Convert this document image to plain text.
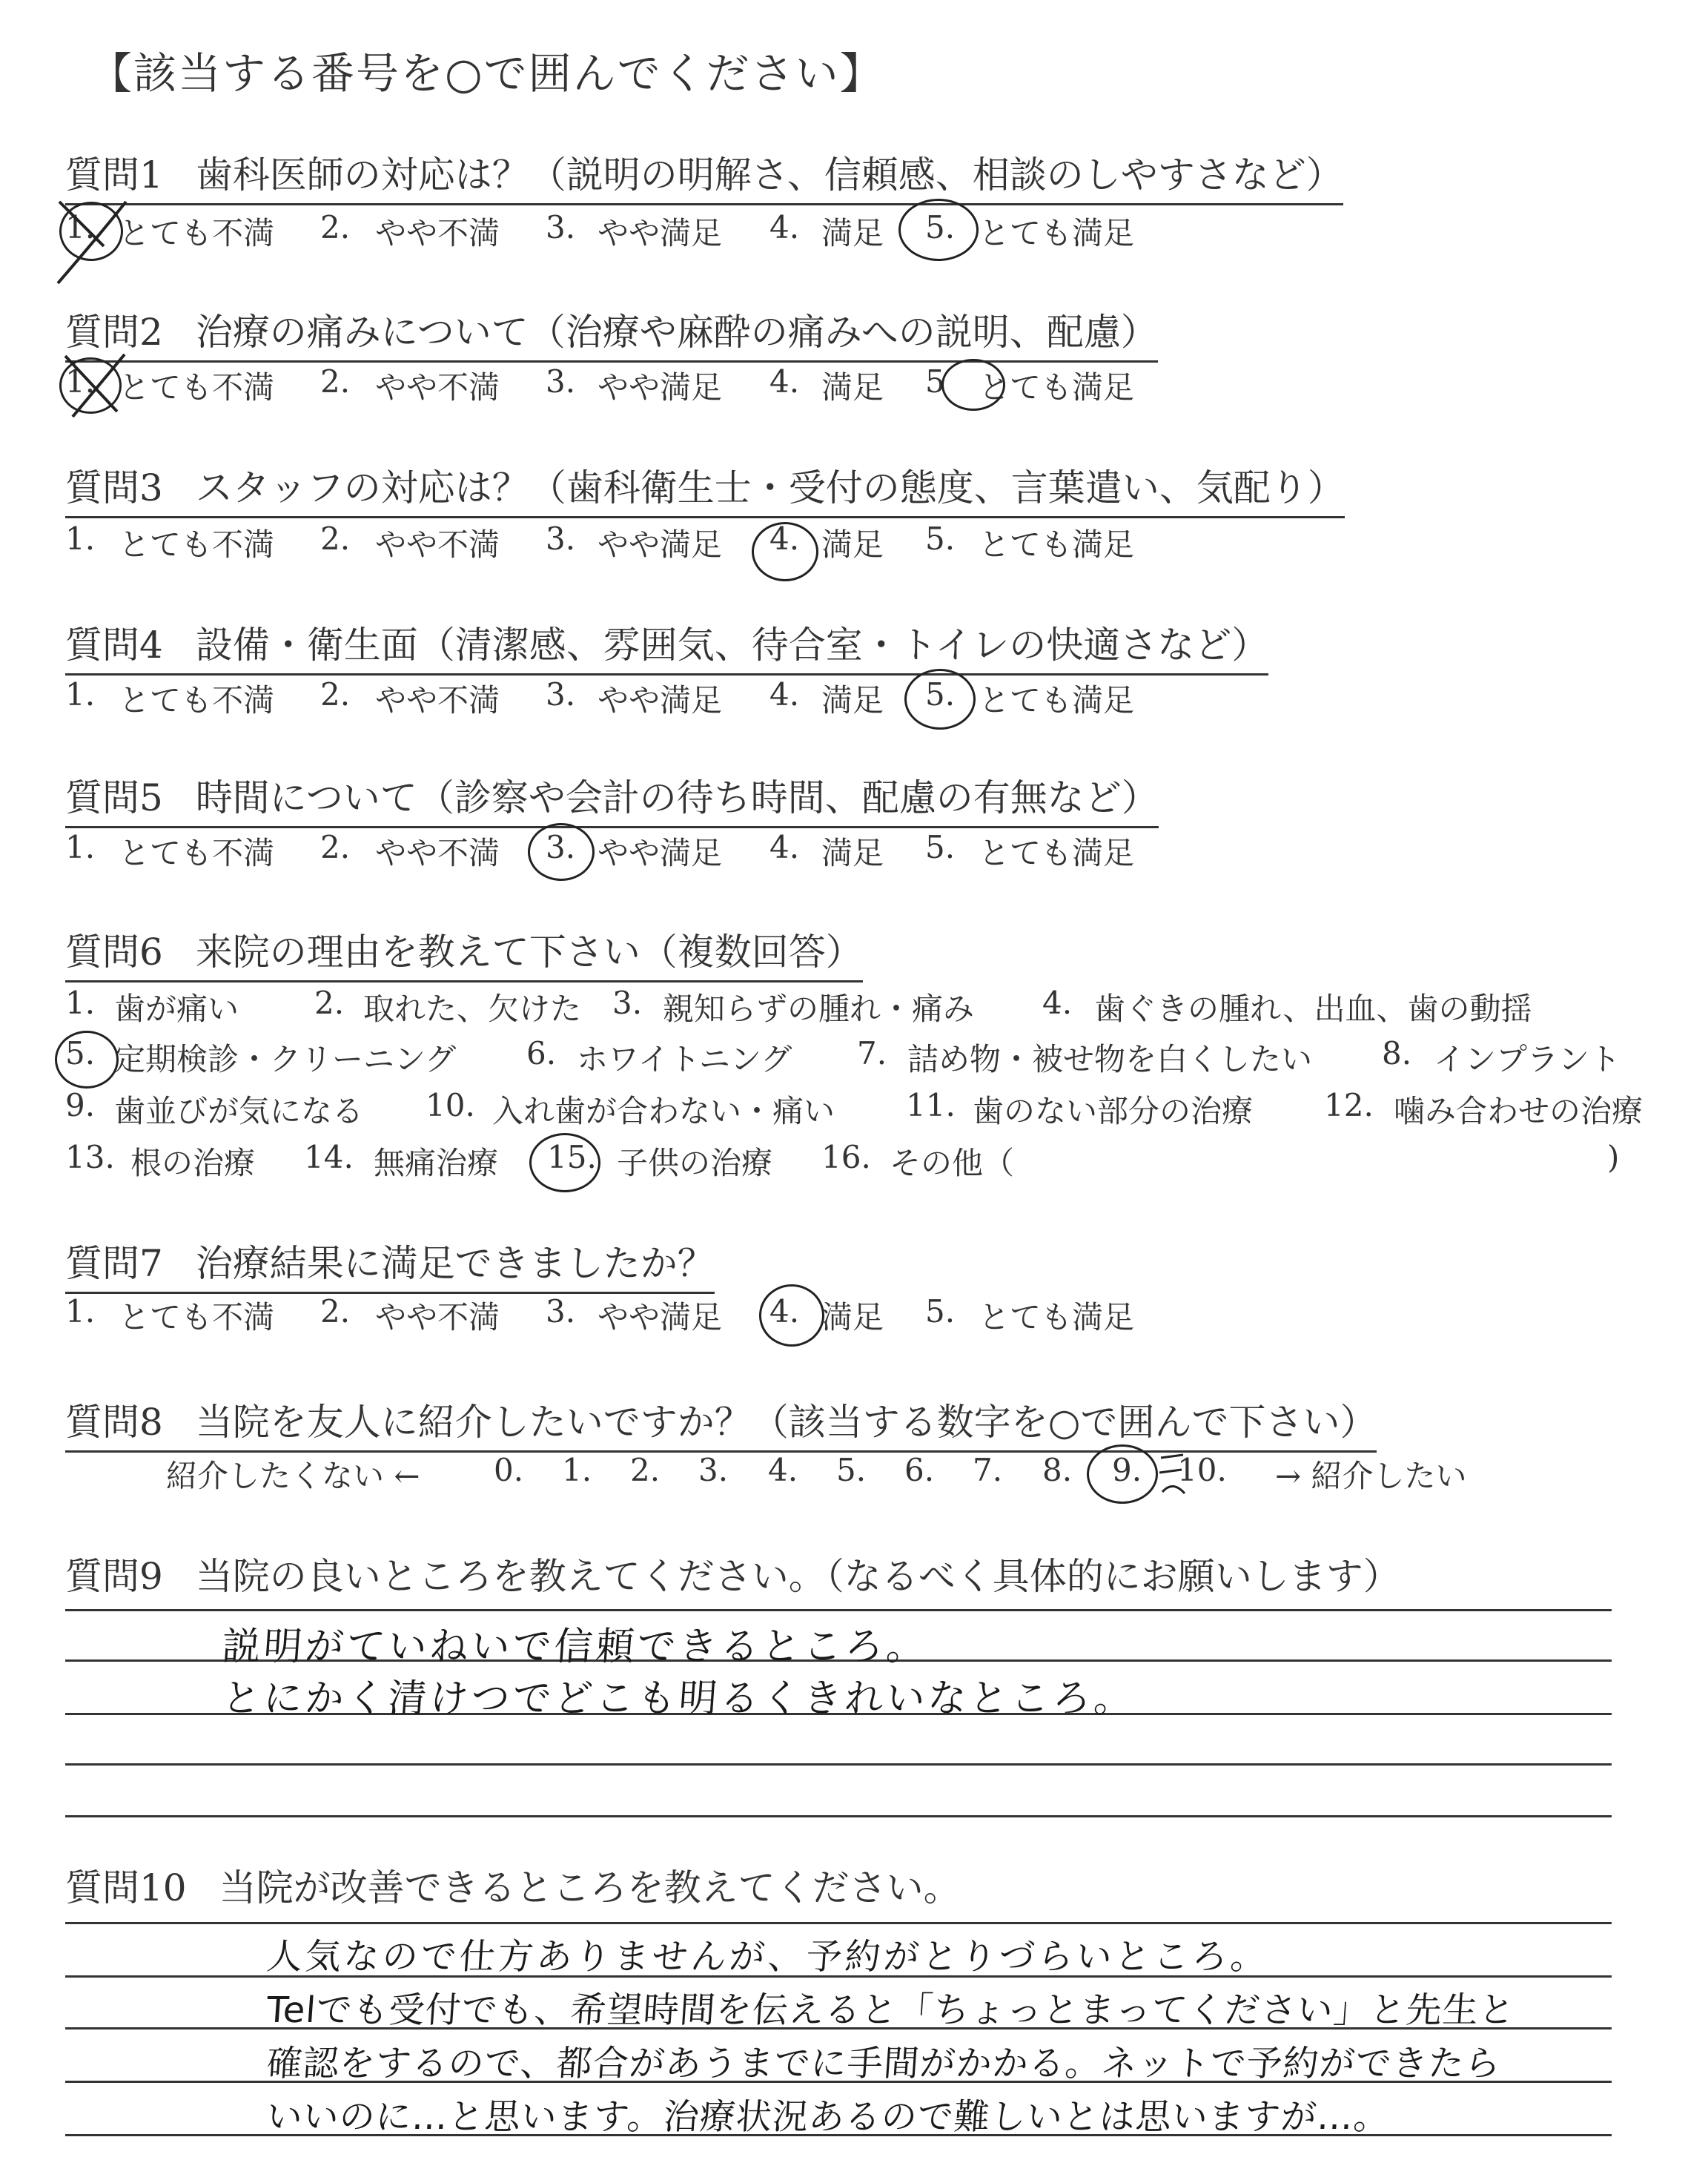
【該当する番号を○で囲んでください】
質問1 歯科医師の対応は？（説明の明解さ、信頼感、相談のしやすさなど）
1. とても不満 2. やや不満 3. やや満足 4. 満足 5. とても満足
質問2 治療の痛みについて（治療や麻酔の痛みへの説明、配慮）
1. とても不満 2. やや不満 3. やや満足 4. 満足 5 とても満足
質問3 スタッフの対応は？（歯科衛生士・受付の態度、言葉遣い、気配り）
1. とても不満 2. やや不満 3. やや満足 4. 満足 5. とても満足
質問4 設備・衛生面（清潔感、雰囲気、待合室・トイレの快適さなど）
1. とても不満 2. やや不満 3. やや満足 4. 満足 5. とても満足
質問5 時間について（診察や会計の待ち時間、配慮の有無など）
1. とても不満 2. やや不満 3. やや満足 4. 満足 5. とても満足
質問6 来院の理由を教えて下さい（複数回答）
1. 歯が痛い 2. 取れた、欠けた 3. 親知らずの腫れ・痛み 4. 歯ぐきの腫れ、出血、歯の動揺
5. 定期検診・クリーニング 6. ホワイトニング 7. 詰め物・被せ物を白くしたい 8. インプラント
9. 歯並びが気になる 10. 入れ歯が合わない・痛い 11. 歯のない部分の治療 12. 噛み合わせの治療
13. 根の治療 14. 無痛治療 15. 子供の治療 16. その他（	)
質問7 治療結果に満足できましたか？
1. とても不満 2. やや不満 3. やや満足 4. 満足 5. とても満足
質問8 当院を友人に紹介したいですか？（該当する数字を○で囲んで下さい）
紹介したくない ← 0. 1. 2. 3. 4. 5. 6. 7. 8. 9. 10. → 紹介したい
質問9 当院の良いところを教えてください。（なるべく具体的にお願いします）
説明がていねいで信頼できるところ。
とにかく清けつでどこも明るくきれいなところ。
質問10 当院が改善できるところを教えてください。
人気なので仕方ありませんが、予約がとりづらいところ。
Telでも受付でも、希望時間を伝えると「ちょっとまってください」と先生と
確認をするので、都合があうまでに手間がかかる。ネットで予約ができたら
いいのに…と思います。治療状況あるので難しいとは思いますが…。
